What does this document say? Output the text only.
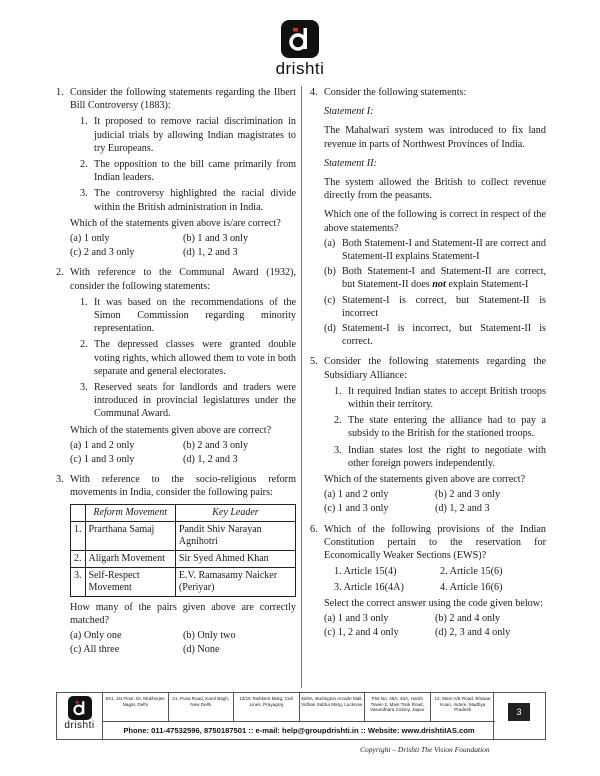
drishti
1. Consider the following statements regarding the Ilbert Bill Controversy (1883):
1. It proposed to remove racial discrimination in judicial trials by allowing Indian magistrates to try Europeans.
2. The opposition to the bill came primarily from Indian leaders.
3. The controversy highlighted the racial divide within the British administration in India.
Which of the statements given above is/are correct?
(a) 1 only	(b) 1 and 3 only
(c) 2 and 3 only	(d) 1, 2 and 3
2. With reference to the Communal Award (1932), consider the following statements:
1. It was based on the recommendations of the Simon Commission regarding minority representation.
2. The depressed classes were granted double voting rights, which allowed them to vote in both separate and general electorates.
3. Reserved seats for landlords and traders were introduced in provincial legislatures under the Communal Award.
Which of the statements given above are correct?
(a) 1 and 2 only	(b) 2 and 3 only
(c) 1 and 3 only	(d) 1, 2 and 3
3. With reference to the socio-religious reform movements in India, consider the following pairs:
	Reform Movement	Key Leader
1.	Prarthana Samaj	Pandit Shiv Narayan Agnihotri
2.	Aligarh Movement	Sir Syed Ahmed Khan
3.	Self-Respect Movement	E.V. Ramasamy Naicker (Periyar)
How many of the pairs given above are correctly matched?
(a) Only one	(b) Only two
(c) All three	(d) None
4. Consider the following statements:
Statement I:
The Mahalwari system was introduced to fix land revenue in parts of Northwest Provinces of India.
Statement II:
The system allowed the British to collect revenue directly from the peasants.
Which one of the following is correct in respect of the above statements?
(a) Both Statement-I and Statement-II are correct and Statement-II explains Statement-I
(b) Both Statement-I and Statement-II are correct, but Statement-II does not explain Statement-I
(c) Statement-I is correct, but Statement-II is incorrect
(d) Statement-I is incorrect, but Statement-II is correct.
5. Consider the following statements regarding the Subsidiary Alliance:
1. It required Indian states to accept British troops within their territory.
2. The state entering the alliance had to pay a subsidy to the British for the stationed troops.
3. Indian states lost the right to negotiate with other foreign powers independently.
Which of the statements given above are correct?
(a) 1 and 2 only	(b) 2 and 3 only
(c) 1 and 3 only	(d) 1, 2 and 3
6. Which of the following provisions of the Indian Constitution pertain to the reservation for Economically Weaker Sections (EWS)?
1. Article 15(4)	2. Article 15(6)
3. Article 16(4A)	4. Article 16(6)
Select the correct answer using the code given below:
(a) 1 and 3 only	(b) 2 and 4 only
(c) 1, 2 and 4 only	(d) 2, 3 and 4 only
drishti
641, 1st Floor, Dr. Mukherjee Nagar, Delhi
21, Pusa Road, Karol Bagh, New Delhi
13/15 Tashkent Marg, Civil Lines, Prayagraj
45/6A, Burlington Arcade Mall, Vidhan Sabha Marg, Lucknow
Plot No. 45A, 45A, Harsh Tower-2, Main Tonk Road, Vasundhara Colony, Jaipur
12, Main A/B Road, Bhawar Kuan, Indore, Madhya Pradesh
Phone: 011-47532596, 8750187501 :: e-mail: help@groupdrishti.in :: Website: www.drishtiIAS.com
3
Copyright – Drishti The Vision Foundation
